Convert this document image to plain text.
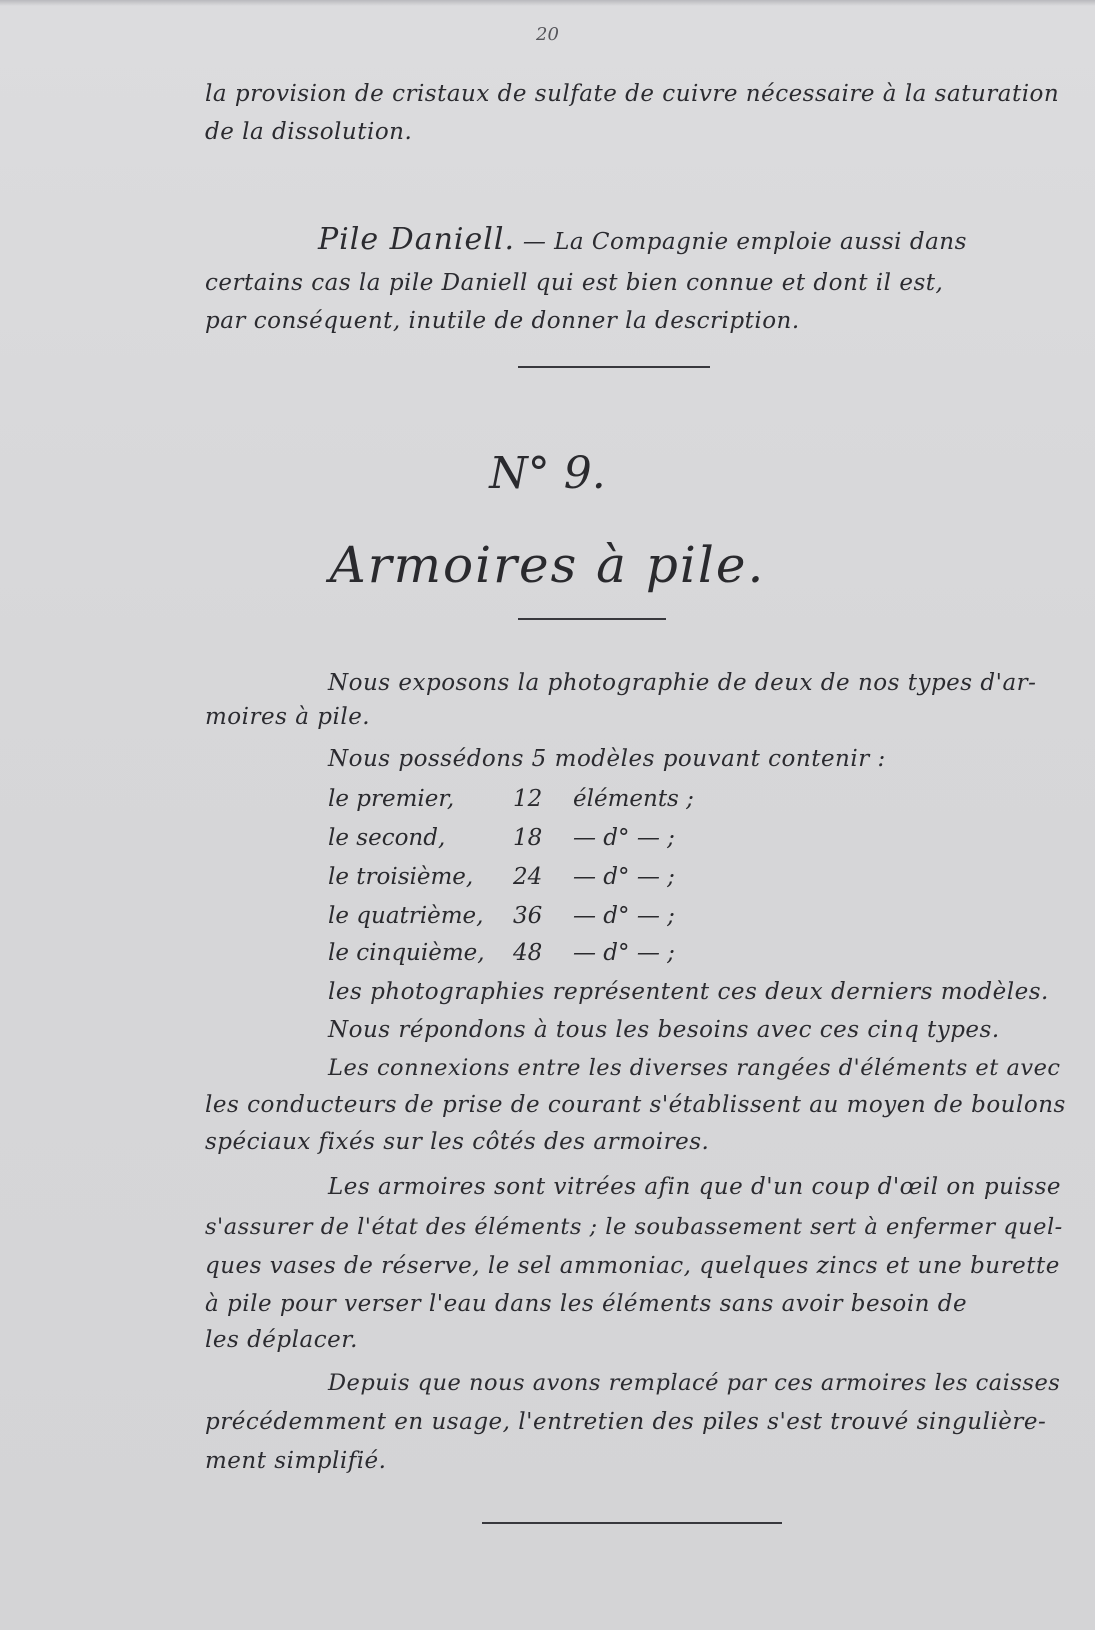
20
la provision de cristaux de sulfate de cuivre nécessaire à la saturation
de la dissolution.
Pile Daniell. — La Compagnie emploie aussi dans
certains cas la pile Daniell qui est bien connue et dont il est,
par conséquent, inutile de donner la description.
N° 9.
Armoires à pile.
Nous exposons la photographie de deux de nos types d'ar-
moires à pile.
Nous possédons 5 modèles pouvant contenir :
le premier,	12 éléments ;
le second,	18 — d° — ;
le troisième, 24 — d° — ;
le quatrième, 36 — d° — ;
le cinquième, 48 — d° — ;
les photographies représentent ces deux derniers modèles.
Nous répondons à tous les besoins avec ces cinq types.
Les connexions entre les diverses rangées d'éléments et avec
les conducteurs de prise de courant s'établissent au moyen de boulons
spéciaux fixés sur les côtés des armoires.
Les armoires sont vitrées afin que d'un coup d'œil on puisse
s'assurer de l'état des éléments ; le soubassement sert à enfermer quel-
ques vases de réserve, le sel ammoniac, quelques zincs et une burette
à pile pour verser l'eau dans les éléments sans avoir besoin de
les déplacer.
Depuis que nous avons remplacé par ces armoires les caisses
précédemment en usage, l'entretien des piles s'est trouvé singulière-
ment simplifié.
